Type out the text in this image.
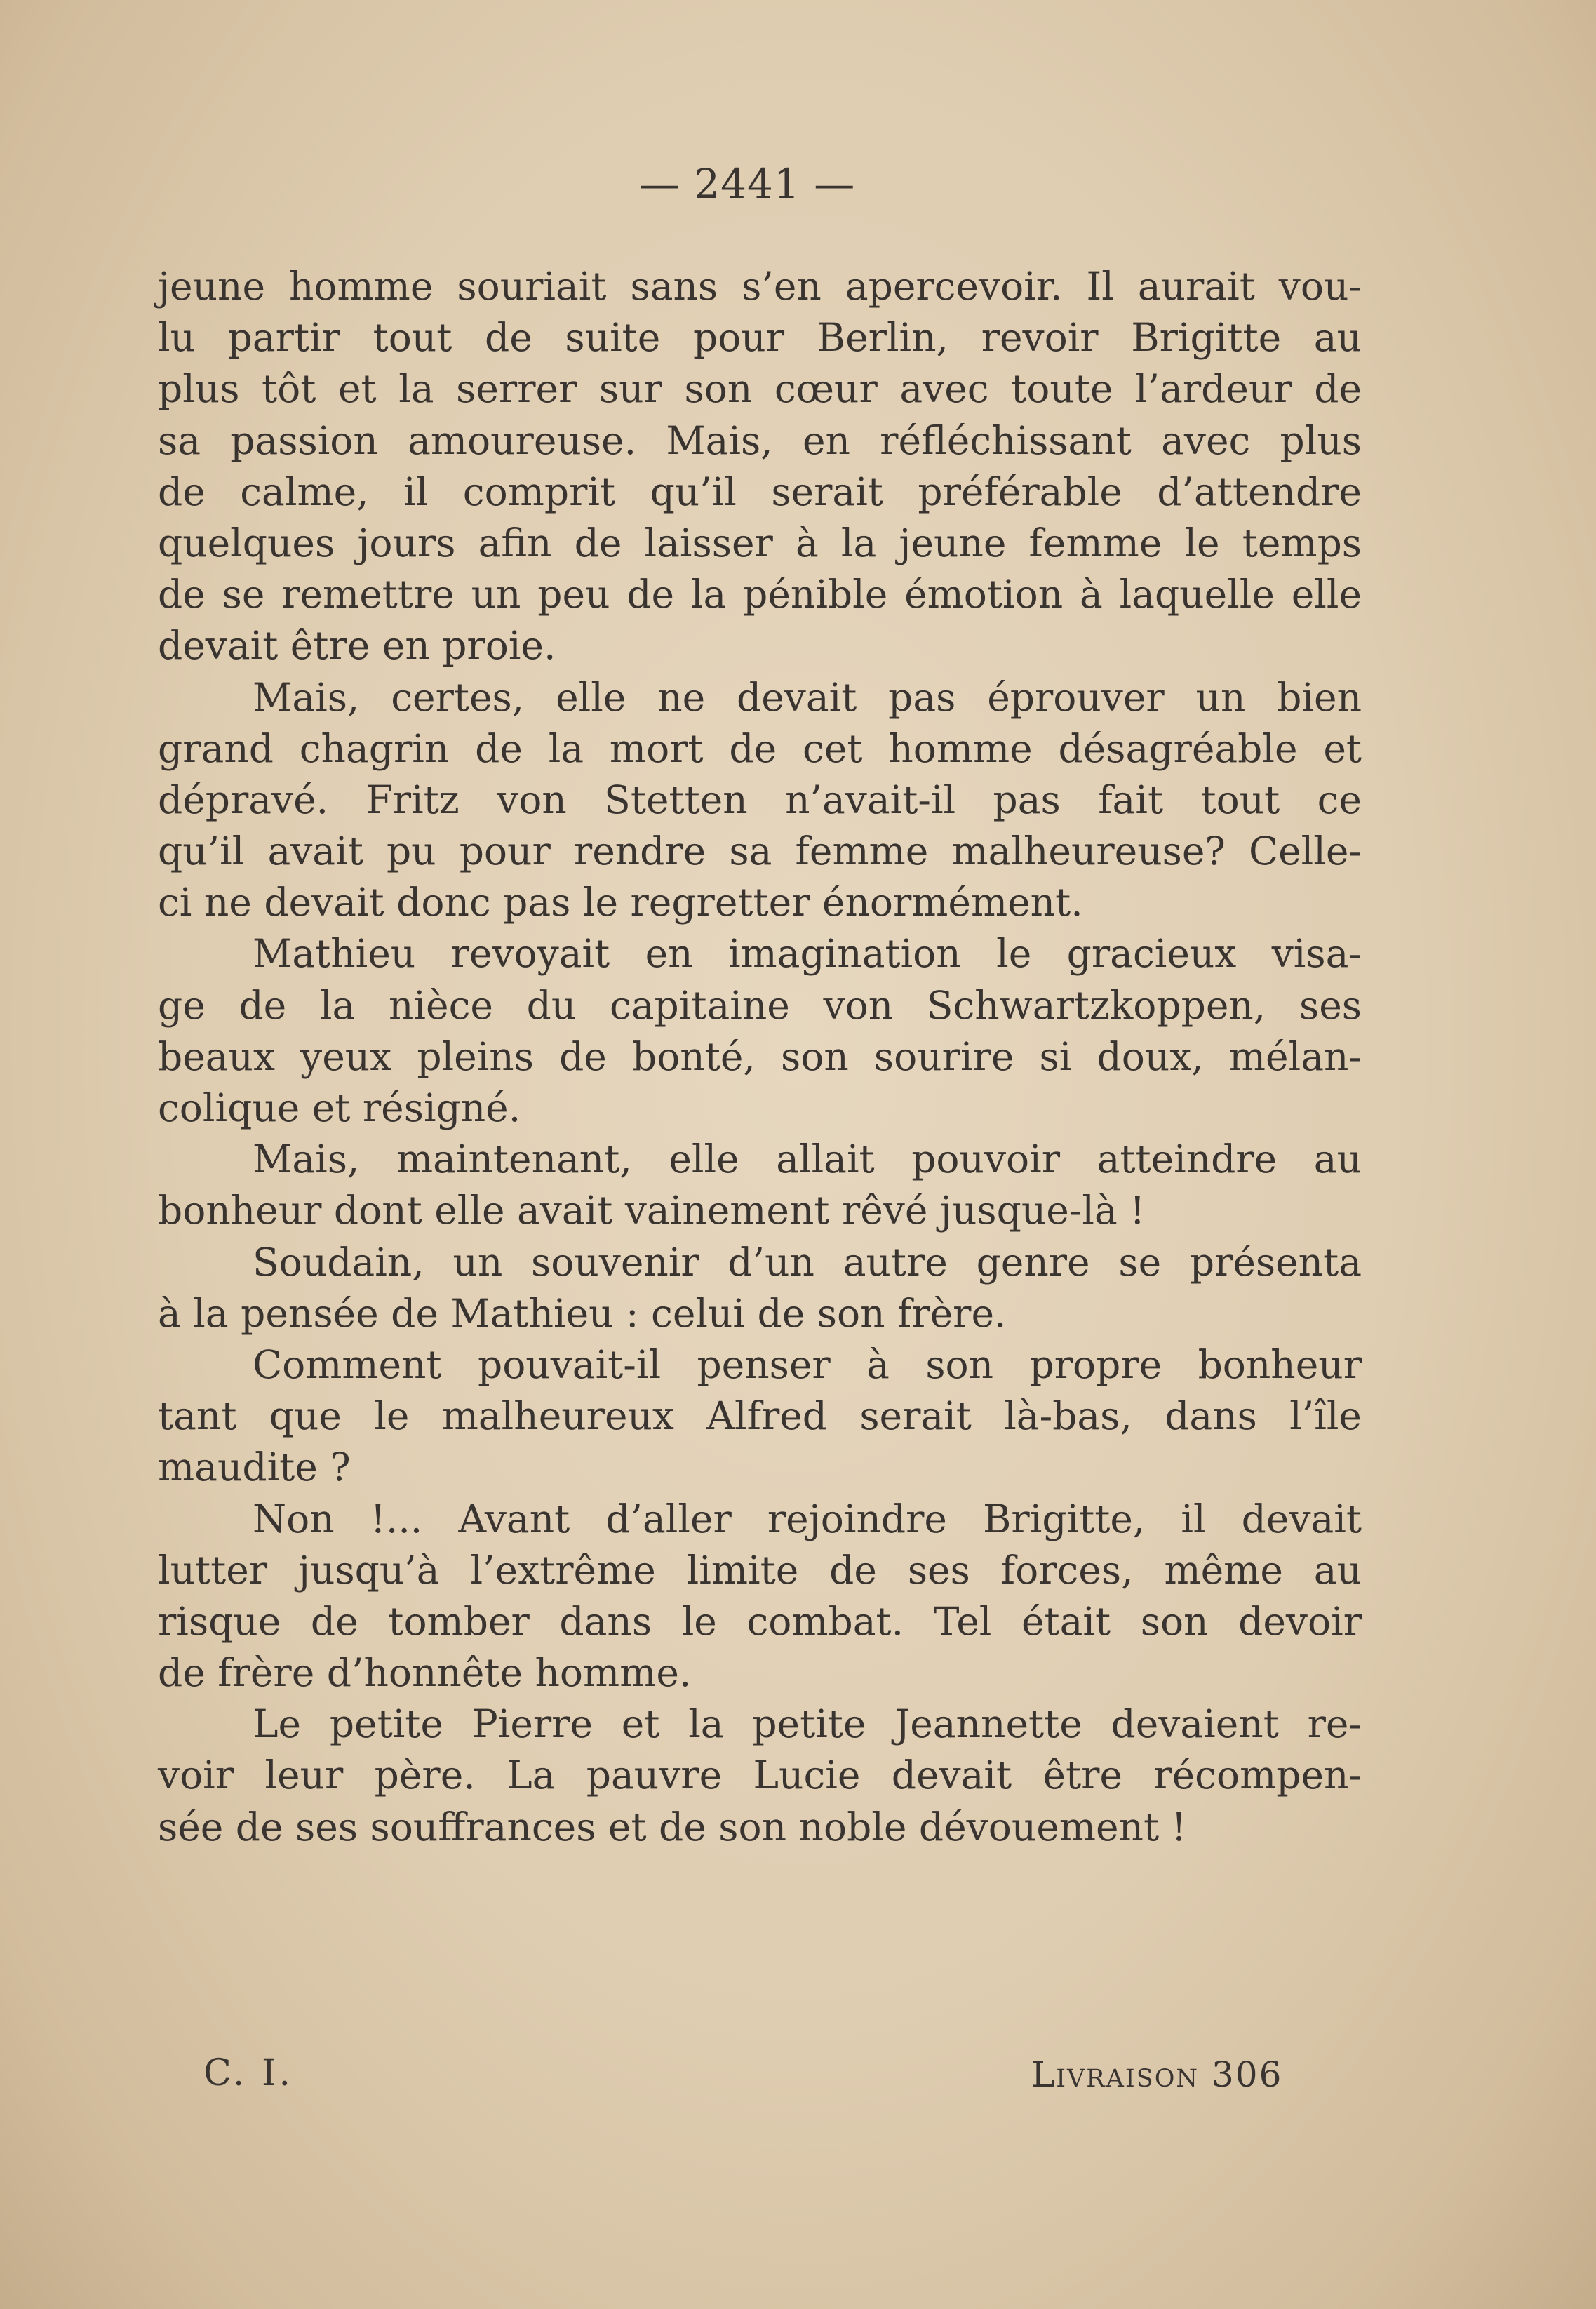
— 2441 —
jeune homme souriait sans s’en apercevoir. Il aurait vou-
lu partir tout de suite pour Berlin, revoir Brigitte au
plus tôt et la serrer sur son cœur avec toute l’ardeur de
sa passion amoureuse. Mais, en réfléchissant avec plus
de calme, il comprit qu’il serait préférable d’attendre
quelques jours afin de laisser à la jeune femme le temps
de se remettre un peu de la pénible émotion à laquelle elle
devait être en proie.
Mais, certes, elle ne devait pas éprouver un bien
grand chagrin de la mort de cet homme désagréable et
dépravé. Fritz von Stetten n’avait-il pas fait tout ce
qu’il avait pu pour rendre sa femme malheureuse? Celle-
ci ne devait donc pas le regretter énormément.
Mathieu revoyait en imagination le gracieux visa-
ge de la nièce du capitaine von Schwartzkoppen, ses
beaux yeux pleins de bonté, son sourire si doux, mélan-
colique et résigné.
Mais, maintenant, elle allait pouvoir atteindre au
bonheur dont elle avait vainement rêvé jusque-là !
Soudain, un souvenir d’un autre genre se présenta
à la pensée de Mathieu : celui de son frère.
Comment pouvait-il penser à son propre bonheur
tant que le malheureux Alfred serait là-bas, dans l’île
maudite ?
Non !... Avant d’aller rejoindre Brigitte, il devait
lutter jusqu’à l’extrême limite de ses forces, même au
risque de tomber dans le combat. Tel était son devoir
de frère d’honnête homme.
Le petite Pierre et la petite Jeannette devaient re-
voir leur père. La pauvre Lucie devait être récompen-
sée de ses souffrances et de son noble dévouement !
C. I.	Livraison 306
